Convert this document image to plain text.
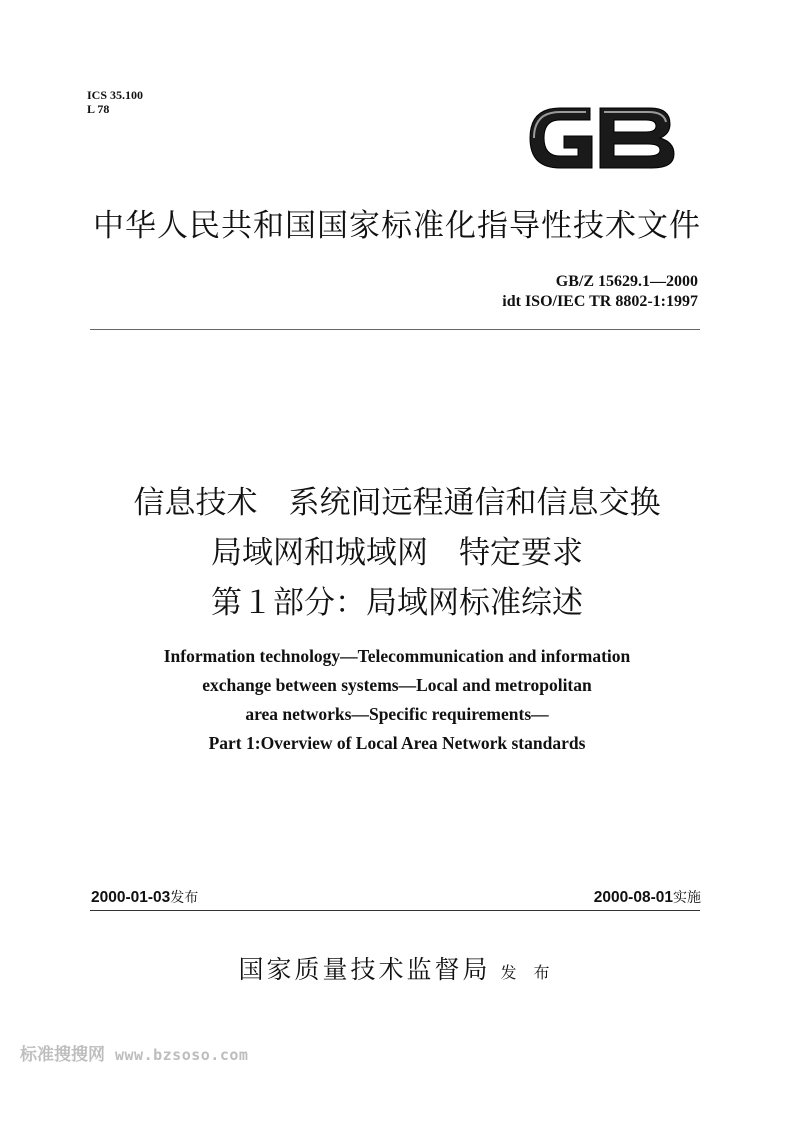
ICS 35.100
L 78
中华人民共和国国家标准化指导性技术文件
GB/Z 15629.1—2000
idt ISO/IEC TR 8802-1:1997
信息技术　系统间远程通信和信息交换
局域网和城域网　特定要求
第１部分：局域网标准综述
Information technology—Telecommunication and information
exchange between systems—Local and metropolitan
area networks—Specific requirements—
Part 1:Overview of Local Area Network standards
2000-01-03发布	2000-08-01实施
国家质量技术监督局 发 布
标准搜搜网 www.bzsoso.com
